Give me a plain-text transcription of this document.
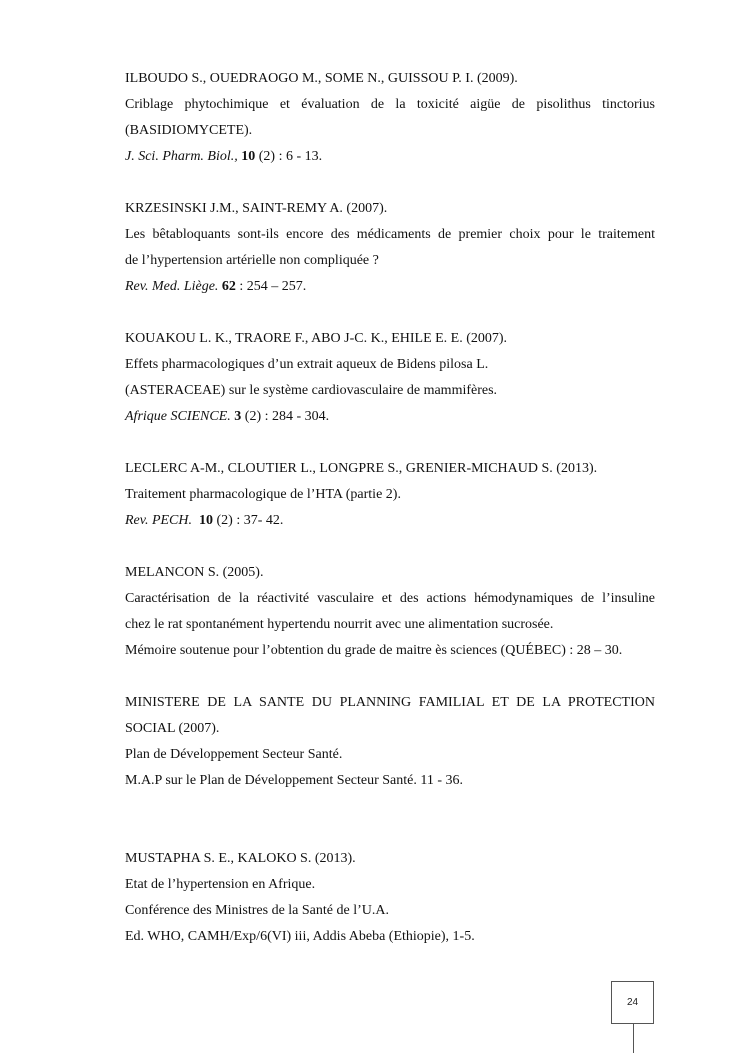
ILBOUDO S., OUEDRAOGO M., SOME N., GUISSOU P. I. (2009).
Criblage phytochimique et évaluation de la toxicité aigüe de pisolithus tinctorius
(BASIDIOMYCETE).
J. Sci. Pharm. Biol., 10 (2) : 6 - 13.
KRZESINSKI J.M., SAINT-REMY A. (2007).
Les bêtabloquants sont-ils encore des médicaments de premier choix pour le traitement
de l’hypertension artérielle non compliquée ?
Rev. Med. Liège. 62 : 254 – 257.
KOUAKOU L. K., TRAORE F., ABO J-C. K., EHILE E. E. (2007).
Effets pharmacologiques d’un extrait aqueux de Bidens pilosa L.
(ASTERACEAE) sur le système cardiovasculaire de mammifères.
Afrique SCIENCE. 3 (2) : 284 - 304.
LECLERC A-M., CLOUTIER L., LONGPRE S., GRENIER-MICHAUD S. (2013).
Traitement pharmacologique de l’HTA (partie 2).
Rev. PECH. 10 (2) : 37- 42.
MELANCON S. (2005).
Caractérisation de la réactivité vasculaire et des actions hémodynamiques de l’insuline
chez le rat spontanément hypertendu nourrit avec une alimentation sucrosée.
Mémoire soutenue pour l’obtention du grade de maitre ès sciences (QUÉBEC) : 28 – 30.
MINISTERE DE LA SANTE DU PLANNING FAMILIAL ET DE LA PROTECTION
SOCIAL (2007).
Plan de Développement Secteur Santé.
M.A.P sur le Plan de Développement Secteur Santé. 11 - 36.
MUSTAPHA S. E., KALOKO S. (2013).
Etat de l’hypertension en Afrique.
Conférence des Ministres de la Santé de l’U.A.
Ed. WHO, CAMH/Exp/6(VI) iii, Addis Abeba (Ethiopie), 1-5.
24
